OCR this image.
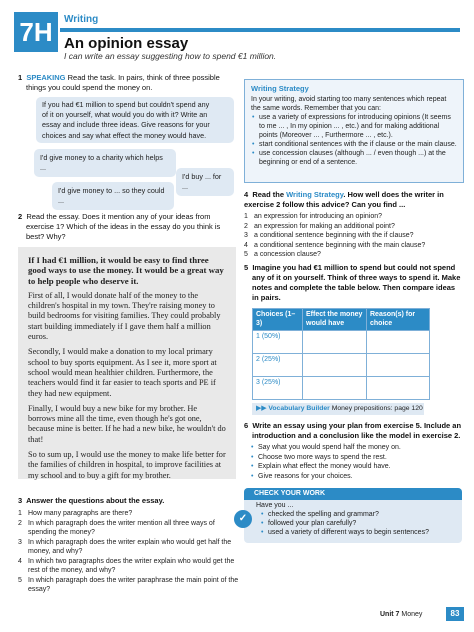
7H	Writing
An opinion essay
I can write an essay suggesting how to spend €1 million.
1 SPEAKING Read the task. In pairs, think of three possible
things you could spend the money on.
If you had €1 million to spend but couldn't spend any
of it on yourself, what would you do with it? Write an
essay and include three ideas. Give reasons for your
choices and say what effect the money would have.
I'd give money to a charity which helps ...
I'd buy ... for ...
I'd give money to ... so they could ...
2 Read the essay. Does it mention any of your ideas from
exercise 1? Which of the ideas in the essay do you think is
best? Why?

If I had €1 million, it would be easy to find three good ways to use the money. It would be a great way to help people who deserve it.

First of all, I would donate half of the money to the children's hospital in my town. They're raising money to build bedrooms for visiting families. They could probably start building immediately if I gave them half a million euros.

Secondly, I would make a donation to my local primary school to buy sports equipment. As I see it, more sport at school would mean healthier children. Furthermore, the teachers would find it far easier to teach sports and PE if they had new equipment.

Finally, I would buy a new bike for my brother. He borrows mine all the time, even though he's got one, because mine is better. If he had a new bike, he wouldn't do that!

So to sum up, I would use the money to make life better for the families of children in hospital, to improve facilities at my school and to buy a gift for my brother.

3 Answer the questions about the essay.
1 How many paragraphs are there?
2 In which paragraph does the writer mention all three ways of spending the money?
3 In which paragraph does the writer explain who would get half the money, and why?
4 In which two paragraphs does the writer explain who would get the rest of the money, and why?
5 In which paragraph does the writer paraphrase the main point of the essay?
Writing Strategy
In your writing, avoid starting too many sentences which repeat the same words. Remember that you can:
• use a variety of expressions for introducing opinions (It seems to me ... , In my opinion ... , etc.) and for making additional points (Moreover ... , Furthermore ... , etc.).
• start conditional sentences with the if clause or the main clause.
• use concession clauses (although ... / even though ...) at the beginning or end of a sentence.
4 Read the Writing Strategy. How well does the writer in exercise 2 follow this advice? Can you find ...
1 an expression for introducing an opinion?
2 an expression for making an additional point?
3 a conditional sentence beginning with the if clause?
4 a conditional sentence beginning with the main clause?
5 a concession clause?
5 Imagine you had €1 million to spend but could not spend
any of it on yourself. Think of three ways to spend it. Make
notes and complete the table below. Then compare ideas
in pairs.
Choices (1–3)	Effect the money would have	Reason(s) for choice
1 (50%)		
2 (25%)		
3 (25%)		
▶▶ Vocabulary Builder Money prepositions: page 120
6 Write an essay using your plan from exercise 5. Include an
introduction and a conclusion like the model in exercise 2.
• Say what you would spend half the money on.
• Choose two more ways to spend the rest.
• Explain what effect the money would have.
• Give reasons for your choices.
CHECK YOUR WORK
✓
Have you ...
• checked the spelling and grammar?
• followed your plan carefully?
• used a variety of different ways to begin sentences?
Unit 7 Money	83
